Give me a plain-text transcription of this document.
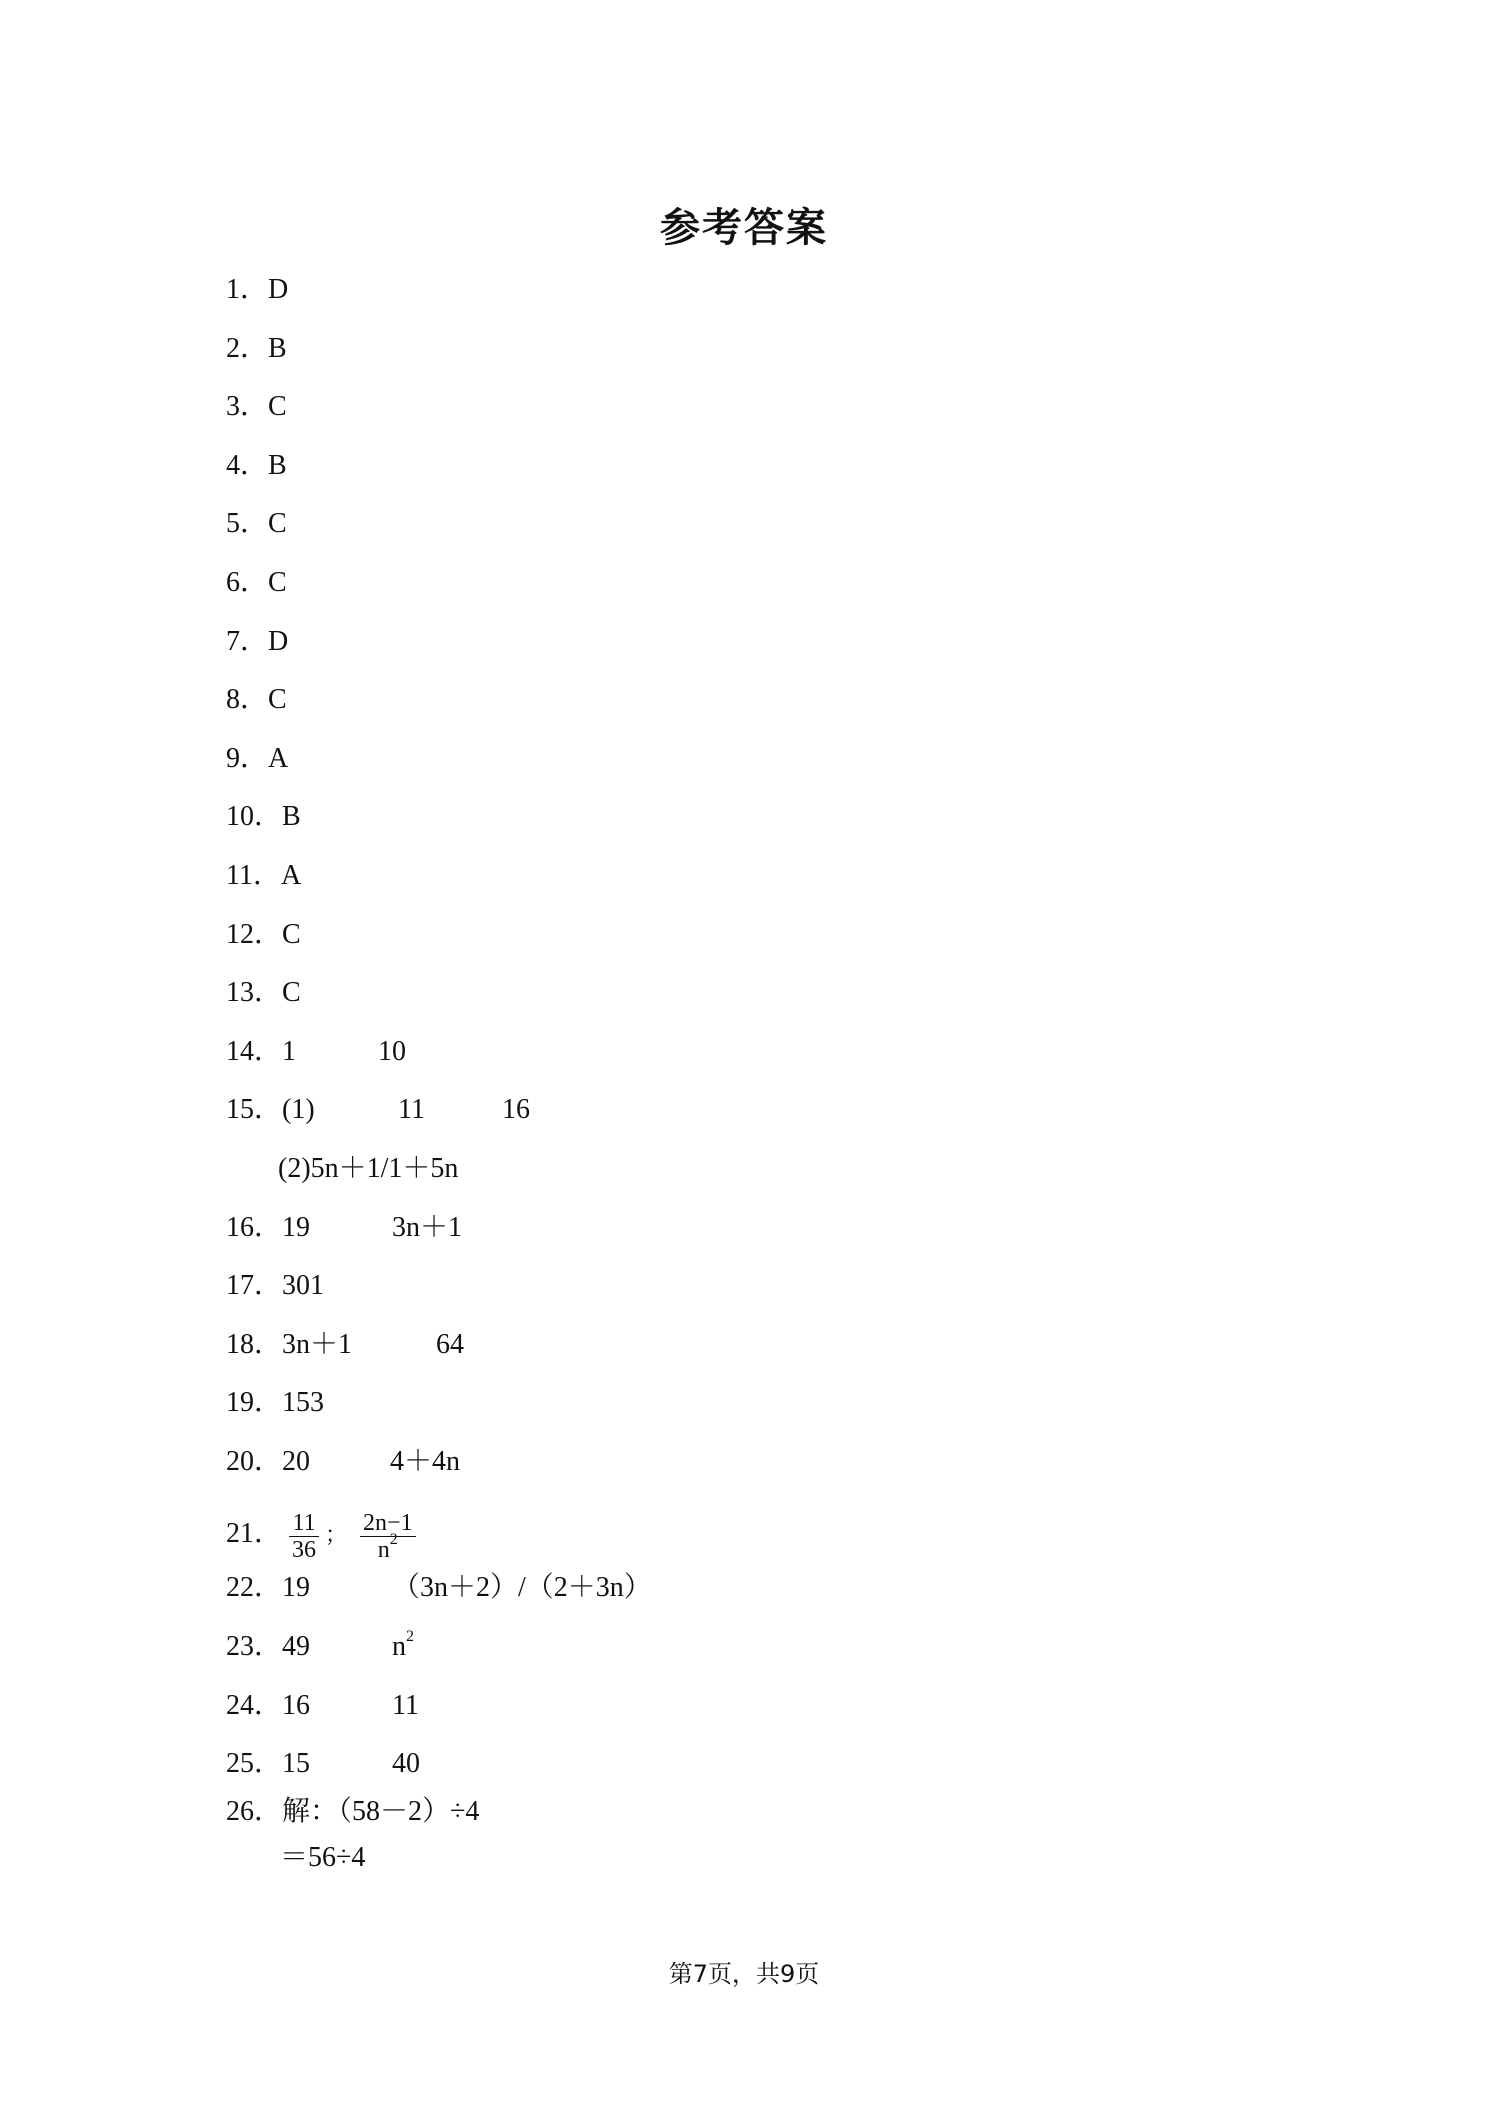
参考答案
1．D
2．B
3．C
4．B
5．C
6．C
7．D
8．C
9．A
10．B
11．A
12．C
13．C
14．1	10
15．(1)	11	16
(2)5n＋1/1＋5n
16．19	3n＋1
17．301
18．3n＋1	64
19．153
20．20	4＋4n
21． $\frac{11}{36}$ ； $\frac{2n-1}{n^2}$
22．19	（3n＋2）/（2＋3n）
23．49	$n^2$
24．16	11
25．15	40
26．解：（58－2）÷4
＝56÷4
第7页，共9页
